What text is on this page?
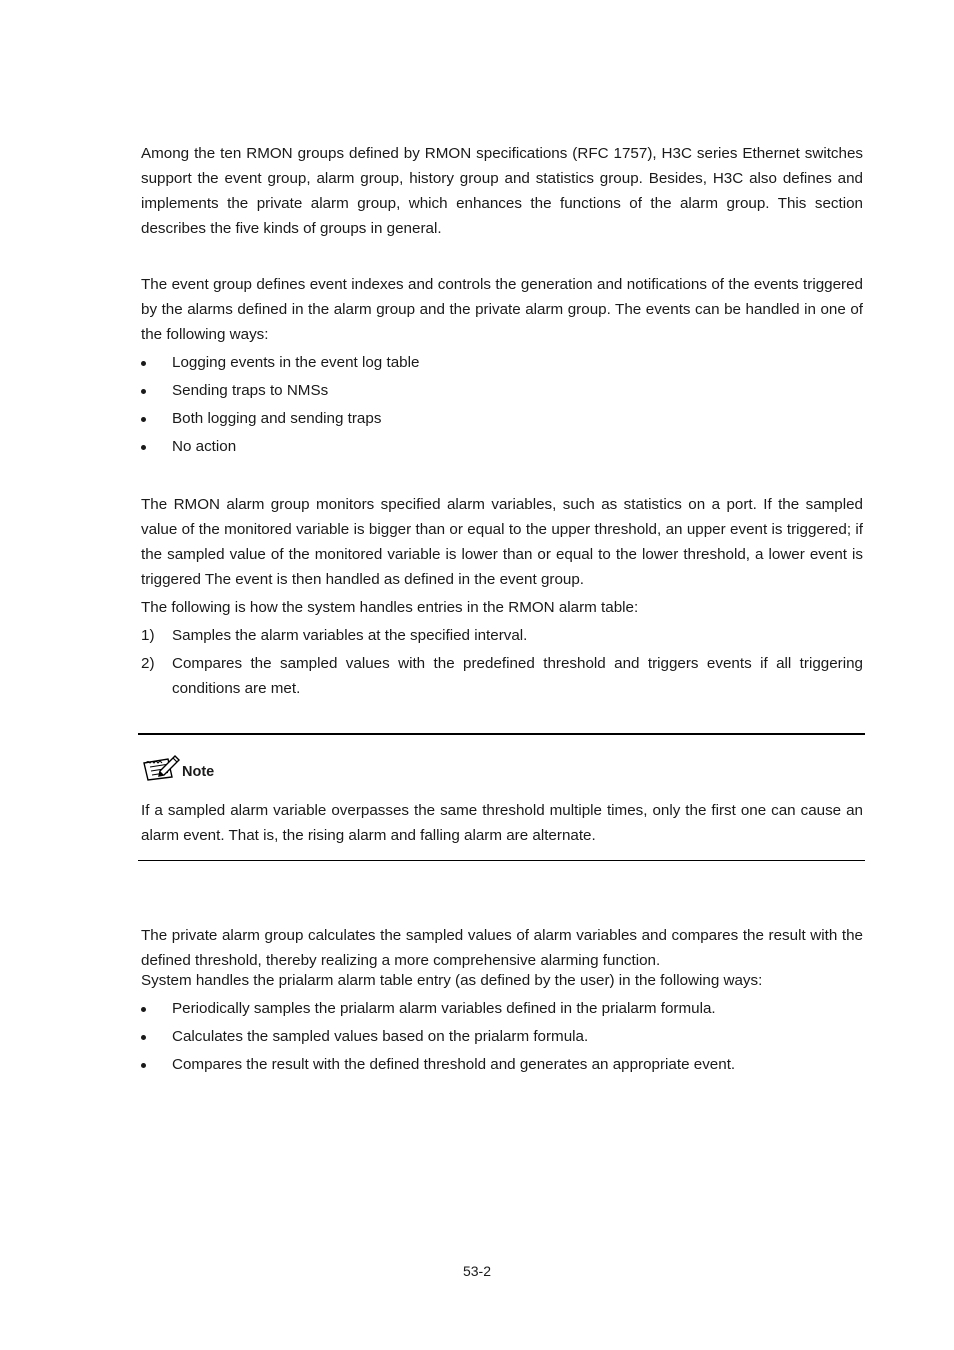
Among the ten RMON groups defined by RMON specifications (RFC 1757), H3C series Ethernet switches support the event group, alarm group, history group and statistics group. Besides, H3C also defines and implements the private alarm group, which enhances the functions of the alarm group. This section describes the five kinds of groups in general.

The event group defines event indexes and controls the generation and notifications of the events triggered by the alarms defined in the alarm group and the private alarm group. The events can be handled in one of the following ways:

Logging events in the event log table
Sending traps to NMSs
Both logging and sending traps
No action

The RMON alarm group monitors specified alarm variables, such as statistics on a port. If the sampled value of the monitored variable is bigger than or equal to the upper threshold, an upper event is triggered; if the sampled value of the monitored variable is lower than or equal to the lower threshold, a lower event is triggered The event is then handled as defined in the event group.

The following is how the system handles entries in the RMON alarm table:

1) Samples the alarm variables at the specified interval.
2) Compares the sampled values with the predefined threshold and triggers events if all triggering conditions are met.
Note

If a sampled alarm variable overpasses the same threshold multiple times, only the first one can cause an alarm event. That is, the rising alarm and falling alarm are alternate.

The private alarm group calculates the sampled values of alarm variables and compares the result with the defined threshold, thereby realizing a more comprehensive alarming function.

System handles the prialarm alarm table entry (as defined by the user) in the following ways:

Periodically samples the prialarm alarm variables defined in the prialarm formula.
Calculates the sampled values based on the prialarm formula.
Compares the result with the defined threshold and generates an appropriate event.
53-2
